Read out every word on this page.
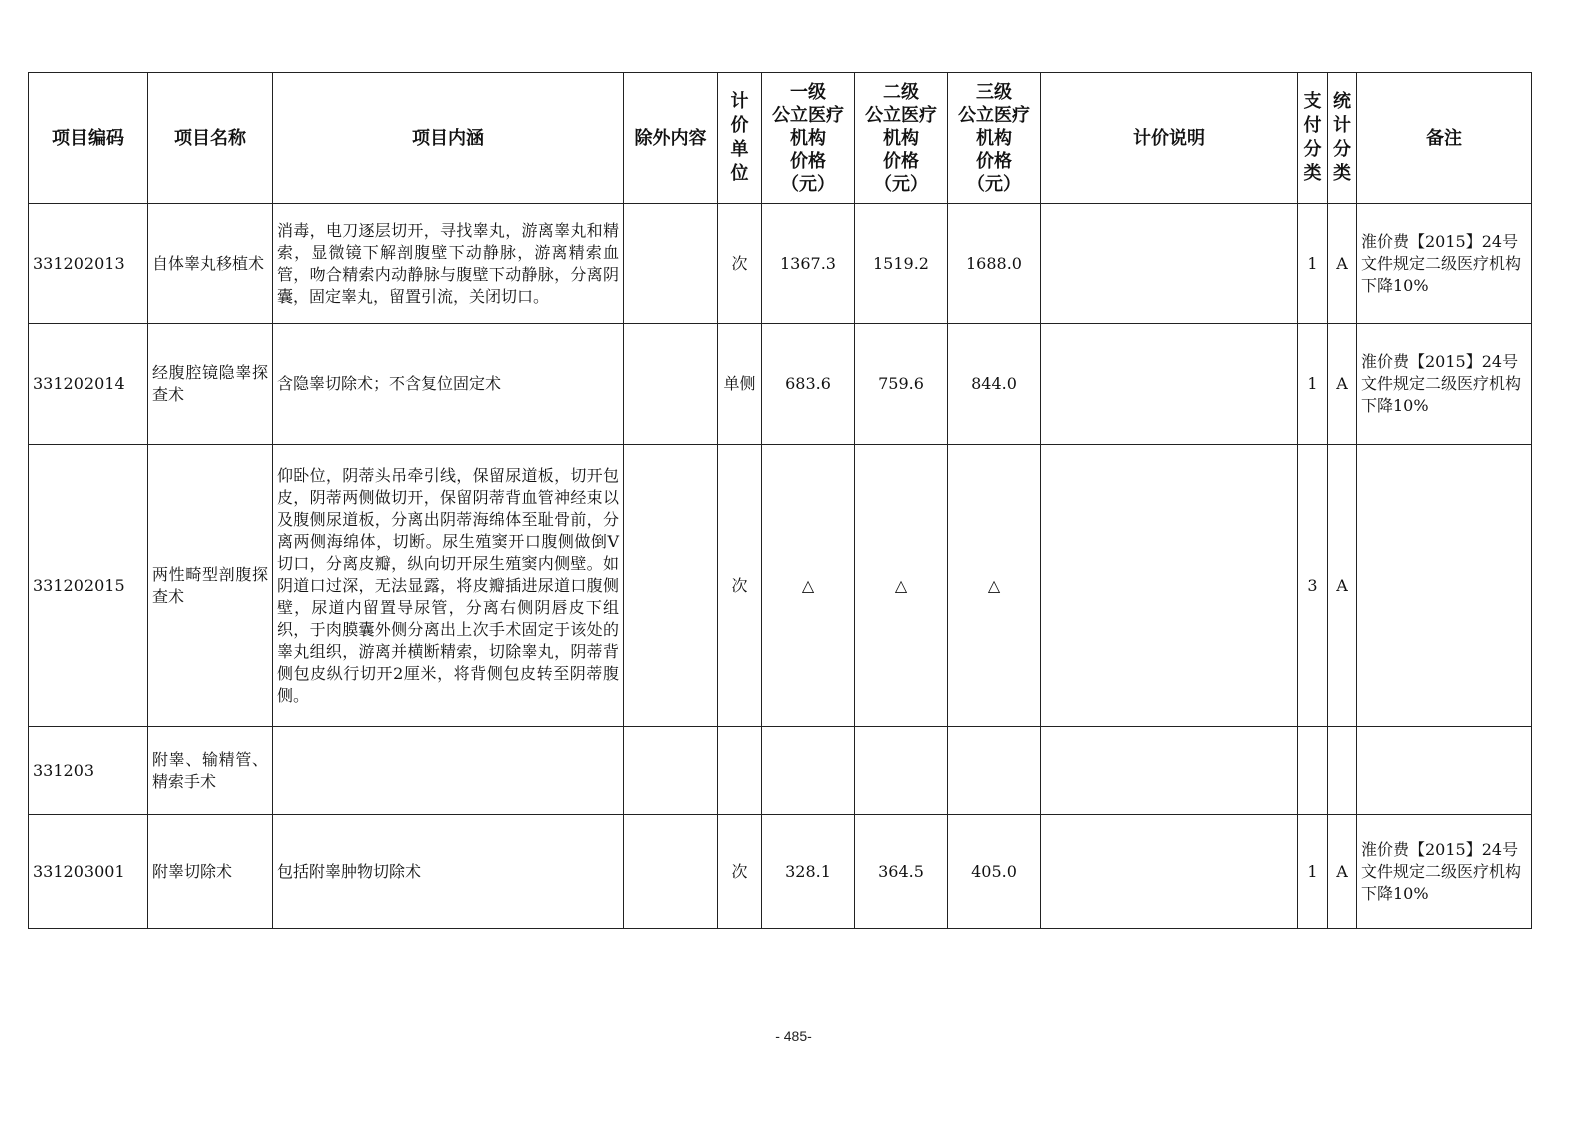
项目编码	项目名称	项目内涵	除外内容	计价单位	一级
公立医疗
机构
价格
（元）	二级
公立医疗
机构
价格
（元）	三级
公立医疗
机构
价格
（元）	计价说明	支付分类	统计分类	备注
331202013	自体睾丸移植术	消毒，电刀逐层切开，寻找睾丸，游离睾丸和精索，显微镜下解剖腹壁下动静脉，游离精索血管，吻合精索内动静脉与腹壁下动静脉，分离阴囊，固定睾丸，留置引流，关闭切口。		次	1367.3	1519.2	1688.0		1	A	淮价费【2015】24号文件规定二级医疗机构下降10%
331202014	经腹腔镜隐睾探查术	含隐睾切除术；不含复位固定术		单侧	683.6	759.6	844.0		1	A	淮价费【2015】24号文件规定二级医疗机构下降10%
331202015	两性畸型剖腹探查术	仰卧位，阴蒂头吊牵引线，保留尿道板，切开包皮，阴蒂两侧做切开，保留阴蒂背血管神经束以及腹侧尿道板，分离出阴蒂海绵体至耻骨前，分离两侧海绵体，切断。尿生殖窦开口腹侧做倒V切口，分离皮瓣，纵向切开尿生殖窦内侧壁。如阴道口过深，无法显露，将皮瓣插进尿道口腹侧壁，尿道内留置导尿管，分离右侧阴唇皮下组织，于肉膜囊外侧分离出上次手术固定于该处的睾丸组织，游离并横断精索，切除睾丸，阴蒂背侧包皮纵行切开2厘米，将背侧包皮转至阴蒂腹侧。		次	△	△	△		3	A	
331203	附睾、输精管、精索手术										
331203001	附睾切除术	包括附睾肿物切除术		次	328.1	364.5	405.0		1	A	淮价费【2015】24号文件规定二级医疗机构下降10%
- 485-
